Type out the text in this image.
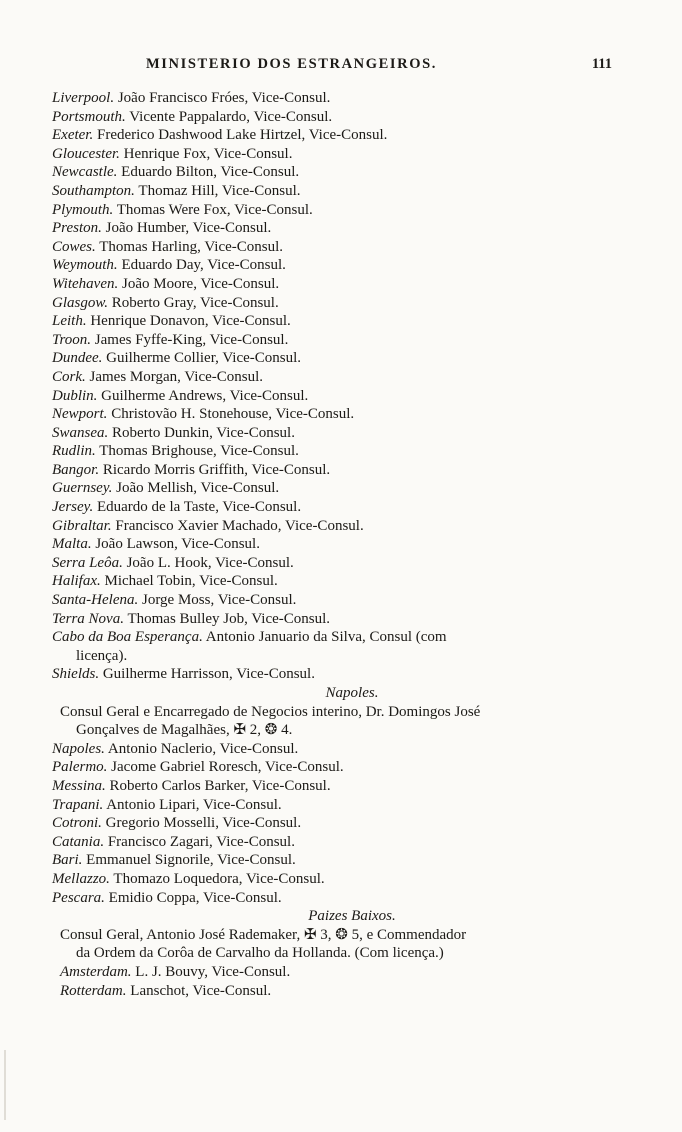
MINISTERIO DOS ESTRANGEIROS.	111
Liverpool. João Francisco Fróes, Vice-Consul.
Portsmouth. Vicente Pappalardo, Vice-Consul.
Exeter. Frederico Dashwood Lake Hirtzel, Vice-Consul.
Gloucester. Henrique Fox, Vice-Consul.
Newcastle. Eduardo Bilton, Vice-Consul.
Southampton. Thomaz Hill, Vice-Consul.
Plymouth. Thomas Were Fox, Vice-Consul.
Preston. João Humber, Vice-Consul.
Cowes. Thomas Harling, Vice-Consul.
Weymouth. Eduardo Day, Vice-Consul.
Witehaven. João Moore, Vice-Consul.
Glasgow. Roberto Gray, Vice-Consul.
Leith. Henrique Donavon, Vice-Consul.
Troon. James Fyffe-King, Vice-Consul.
Dundee. Guilherme Collier, Vice-Consul.
Cork. James Morgan, Vice-Consul.
Dublin. Guilherme Andrews, Vice-Consul.
Newport. Christovão H. Stonehouse, Vice-Consul.
Swansea. Roberto Dunkin, Vice-Consul.
Rudlin. Thomas Brighouse, Vice-Consul.
Bangor. Ricardo Morris Griffith, Vice-Consul.
Guernsey. João Mellish, Vice-Consul.
Jersey. Eduardo de la Taste, Vice-Consul.
Gibraltar. Francisco Xavier Machado, Vice-Consul.
Malta. João Lawson, Vice-Consul.
Serra Leôa. João L. Hook, Vice-Consul.
Halifax. Michael Tobin, Vice-Consul.
Santa-Helena. Jorge Moss, Vice-Consul.
Terra Nova. Thomas Bulley Job, Vice-Consul.
Cabo da Boa Esperança. Antonio Januario da Silva, Consul (com
licença).
Shields. Guilherme Harrisson, Vice-Consul.
Napoles.
Consul Geral e Encarregado de Negocios interino, Dr. Domingos José
Gonçalves de Magalhães, ✠ 2, ❂ 4.
Napoles. Antonio Naclerio, Vice-Consul.
Palermo. Jacome Gabriel Roresch, Vice-Consul.
Messina. Roberto Carlos Barker, Vice-Consul.
Trapani. Antonio Lipari, Vice-Consul.
Cotroni. Gregorio Mosselli, Vice-Consul.
Catania. Francisco Zagari, Vice-Consul.
Bari. Emmanuel Signorile, Vice-Consul.
Mellazzo. Thomazo Loquedora, Vice-Consul.
Pescara. Emidio Coppa, Vice-Consul.
Paizes Baixos.
Consul Geral, Antonio José Rademaker, ✠ 3, ❂ 5, e Commendador
da Ordem da Corôa de Carvalho da Hollanda. (Com licença.)
Amsterdam. L. J. Bouvy, Vice-Consul.
Rotterdam. Lanschot, Vice-Consul.
